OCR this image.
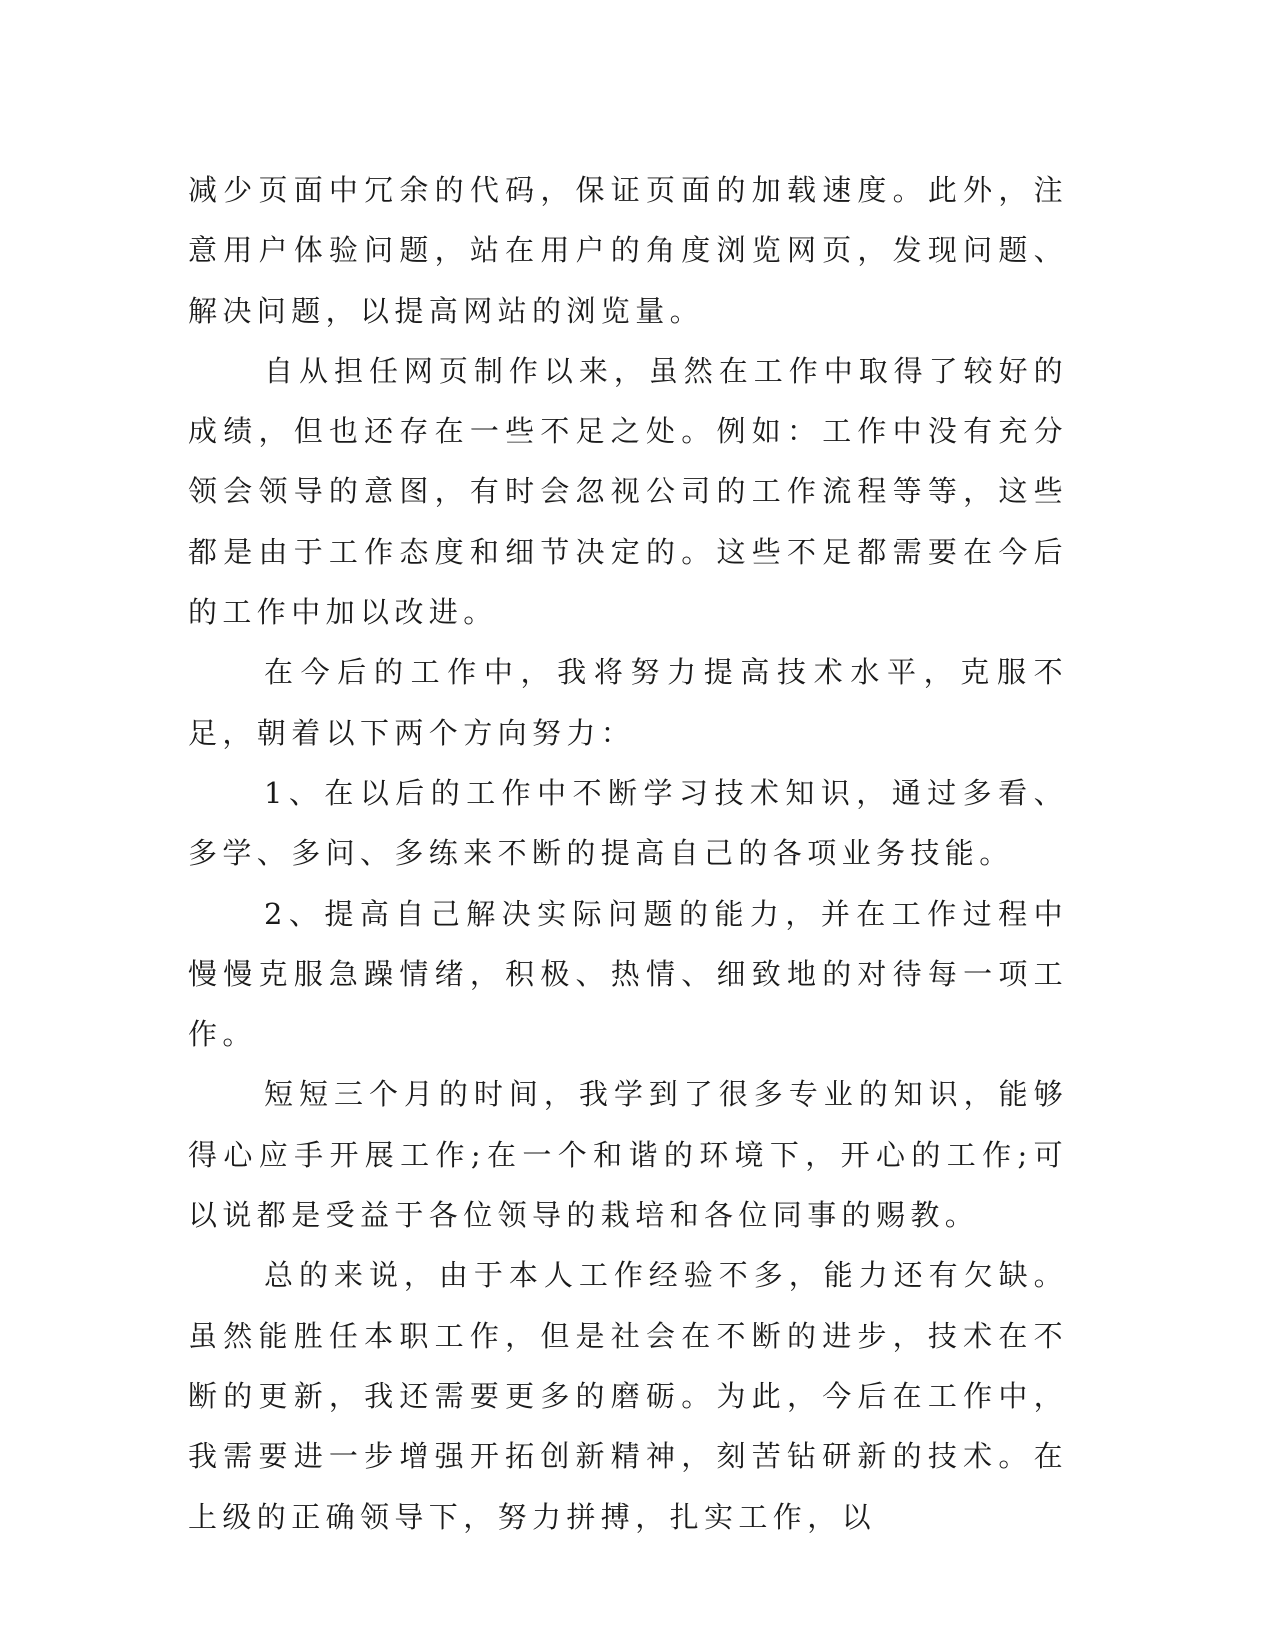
减少页面中冗余的代码，保证页面的加载速度。此外，注意用户体验问题，站在用户的角度浏览网页，发现问题、解决问题，以提高网站的浏览量。

自从担任网页制作以来，虽然在工作中取得了较好的成绩，但也还存在一些不足之处。例如：工作中没有充分领会领导的意图，有时会忽视公司的工作流程等等，这些都是由于工作态度和细节决定的。这些不足都需要在今后的工作中加以改进。

在今后的工作中，我将努力提高技术水平，克服不足，朝着以下两个方向努力：

1、在以后的工作中不断学习技术知识，通过多看、多学、多问、多练来不断的提高自己的各项业务技能。

2、提高自己解决实际问题的能力，并在工作过程中慢慢克服急躁情绪，积极、热情、细致地的对待每一项工作。

短短三个月的时间，我学到了很多专业的知识，能够得心应手开展工作;在一个和谐的环境下，开心的工作;可以说都是受益于各位领导的栽培和各位同事的赐教。

总的来说，由于本人工作经验不多，能力还有欠缺。虽然能胜任本职工作，但是社会在不断的进步，技术在不断的更新，我还需要更多的磨砺。为此，今后在工作中，我需要进一步增强开拓创新精神，刻苦钻研新的技术。在上级的正确领导下，努力拼搏，扎实工作，以
